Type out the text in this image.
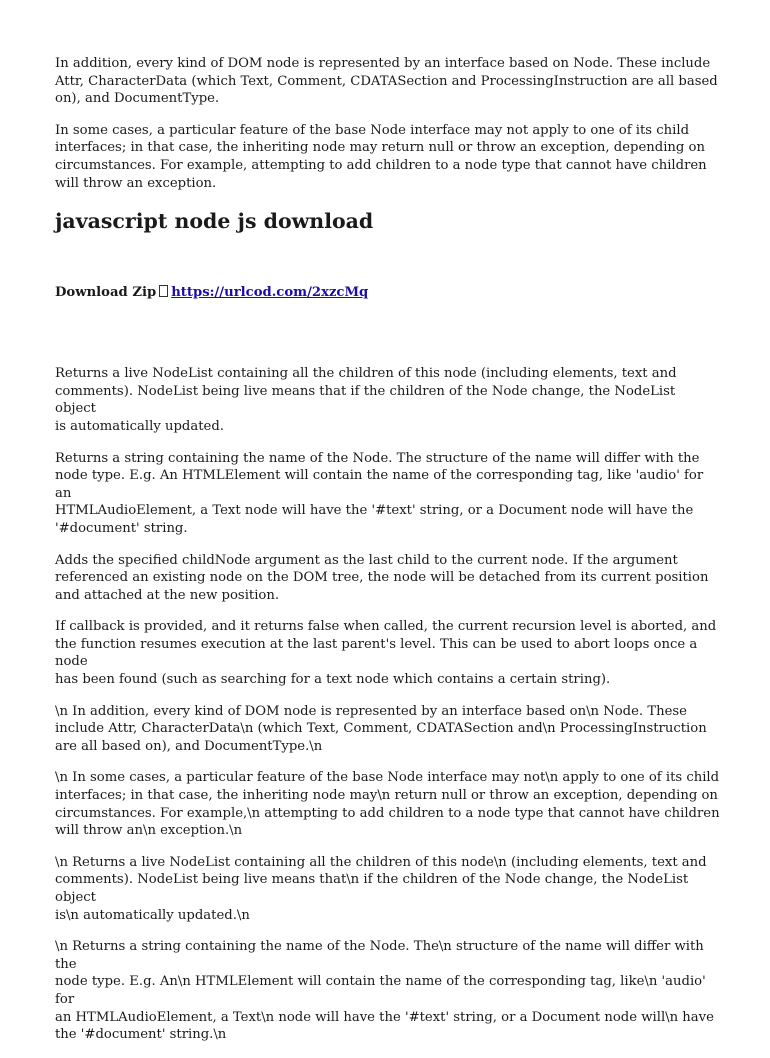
In addition, every kind of DOM node is represented by an interface based on Node. These include
Attr, CharacterData (which Text, Comment, CDATASection and ProcessingInstruction are all based
on), and DocumentType.

In some cases, a particular feature of the base Node interface may not apply to one of its child
interfaces; in that case, the inheriting node may return null or throw an exception, depending on
circumstances. For example, attempting to add children to a node type that cannot have children
will throw an exception.

javascript node js download
Download Zip https://urlcod.com/2xzcMq

Returns a live NodeList containing all the children of this node (including elements, text and
comments). NodeList being live means that if the children of the Node change, the NodeList object
is automatically updated.

Returns a string containing the name of the Node. The structure of the name will differ with the
node type. E.g. An HTMLElement will contain the name of the corresponding tag, like 'audio' for an
HTMLAudioElement, a Text node will have the '#text' string, or a Document node will have the
'#document' string.

Adds the specified childNode argument as the last child to the current node. If the argument
referenced an existing node on the DOM tree, the node will be detached from its current position
and attached at the new position.

If callback is provided, and it returns false when called, the current recursion level is aborted, and
the function resumes execution at the last parent's level. This can be used to abort loops once a node
has been found (such as searching for a text node which contains a certain string).

\n In addition, every kind of DOM node is represented by an interface based on\n Node. These
include Attr, CharacterData\n (which Text, Comment, CDATASection and\n ProcessingInstruction
are all based on), and DocumentType.\n

\n In some cases, a particular feature of the base Node interface may not\n apply to one of its child
interfaces; in that case, the inheriting node may\n return null or throw an exception, depending on
circumstances. For example,\n attempting to add children to a node type that cannot have children
will throw an\n exception.\n

\n Returns a live NodeList containing all the children of this node\n (including elements, text and
comments). NodeList being live means that\n if the children of the Node change, the NodeList object
is\n automatically updated.\n

\n Returns a string containing the name of the Node. The\n structure of the name will differ with the
node type. E.g. An\n HTMLElement will contain the name of the corresponding tag, like\n 'audio' for
an HTMLAudioElement, a Text\n node will have the '#text' string, or a Document node will\n have
the '#document' string.\n
